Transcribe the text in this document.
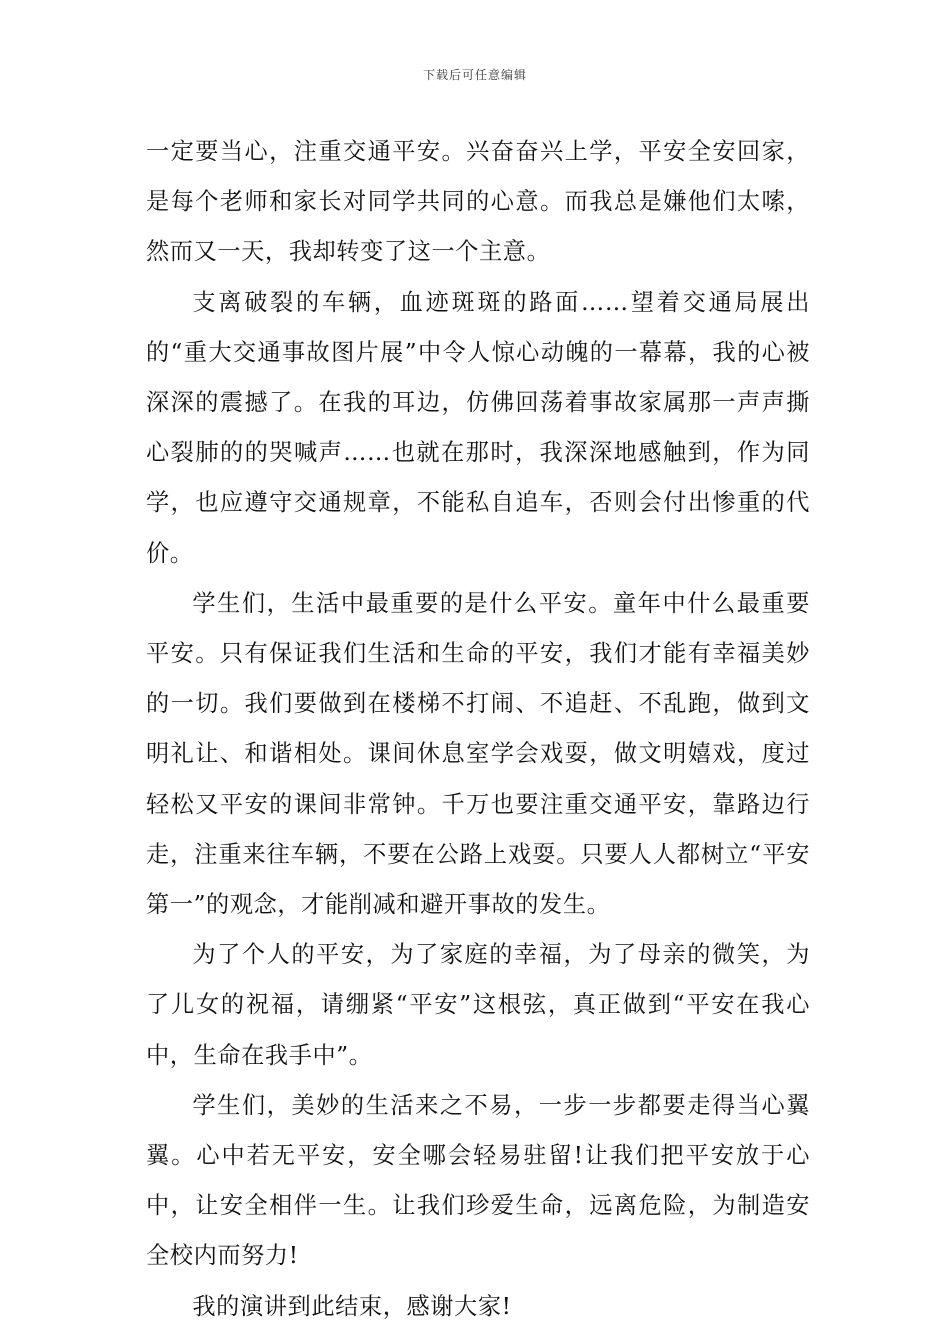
下载后可任意编辑

一定要当心，注重交通平安。兴奋奋兴上学，平安全安回家，是每个老师和家长对同学共同的心意。而我总是嫌他们太嗦，然而又一天，我却转变了这一个主意。

支离破裂的车辆，血迹斑斑的路面……望着交通局展出的“重大交通事故图片展”中令人惊心动魄的一幕幕，我的心被深深的震撼了。在我的耳边，仿佛回荡着事故家属那一声声撕心裂肺的的哭喊声……也就在那时，我深深地感触到，作为同学，也应遵守交通规章，不能私自追车，否则会付出惨重的代价。

学生们，生活中最重要的是什么平安。童年中什么最重要平安。只有保证我们生活和生命的平安，我们才能有幸福美妙的一切。我们要做到在楼梯不打闹、不追赶、不乱跑，做到文明礼让、和谐相处。课间休息室学会戏耍，做文明嬉戏，度过轻松又平安的课间非常钟。千万也要注重交通平安，靠路边行走，注重来往车辆，不要在公路上戏耍。只要人人都树立“平安第一”的观念，才能削减和避开事故的发生。

为了个人的平安，为了家庭的幸福，为了母亲的微笑，为了儿女的祝福，请绷紧“平安”这根弦，真正做到“平安在我心中，生命在我手中”。

学生们，美妙的生活来之不易，一步一步都要走得当心翼翼。心中若无平安，安全哪会轻易驻留!让我们把平安放于心中，让安全相伴一生。让我们珍爱生命，远离危险，为制造安全校内而努力!

我的演讲到此结束，感谢大家!
